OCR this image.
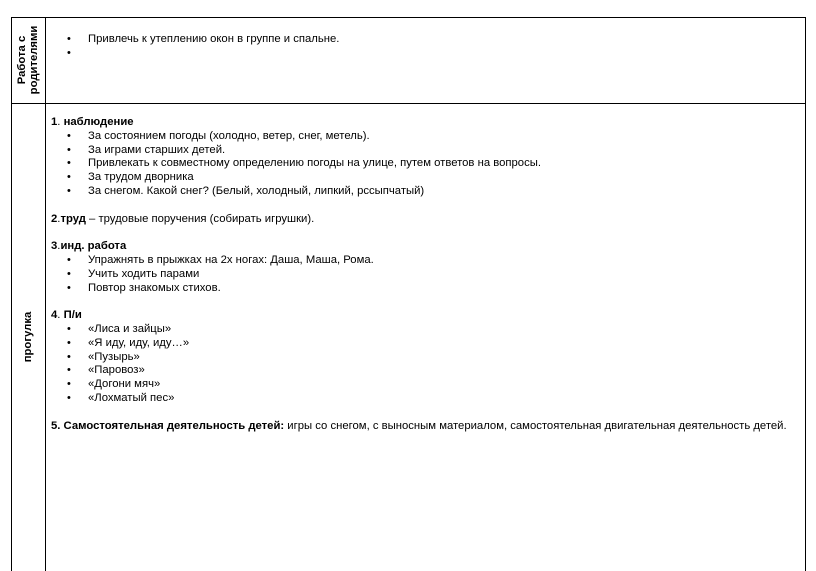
Работа с родителями
прогулка
• Привлечь к утеплению окон в группе и спальне.
•
1. наблюдение
• За состоянием погоды (холодно, ветер, снег, метель).
• За играми старших детей.
• Привлекать к совместному определению погоды на улице, путем ответов на вопросы.
• За трудом дворника
• За снегом. Какой снег? (Белый, холодный, липкий, рссыпчатый)
2.труд – трудовые поручения (собирать игрушки).
3.инд. работа
• Упражнять в прыжках на 2х ногах: Даша, Маша, Рома.
• Учить ходить парами
• Повтор знакомых стихов.
4. П/и
• «Лиса и зайцы»
• «Я иду, иду, иду…»
• «Пузырь»
• «Паровоз»
• «Догони мяч»
• «Лохматый пес»
5. Самостоятельная деятельность детей: игры со снегом, с выносным материалом, самостоятельная двигательная деятельность детей.
